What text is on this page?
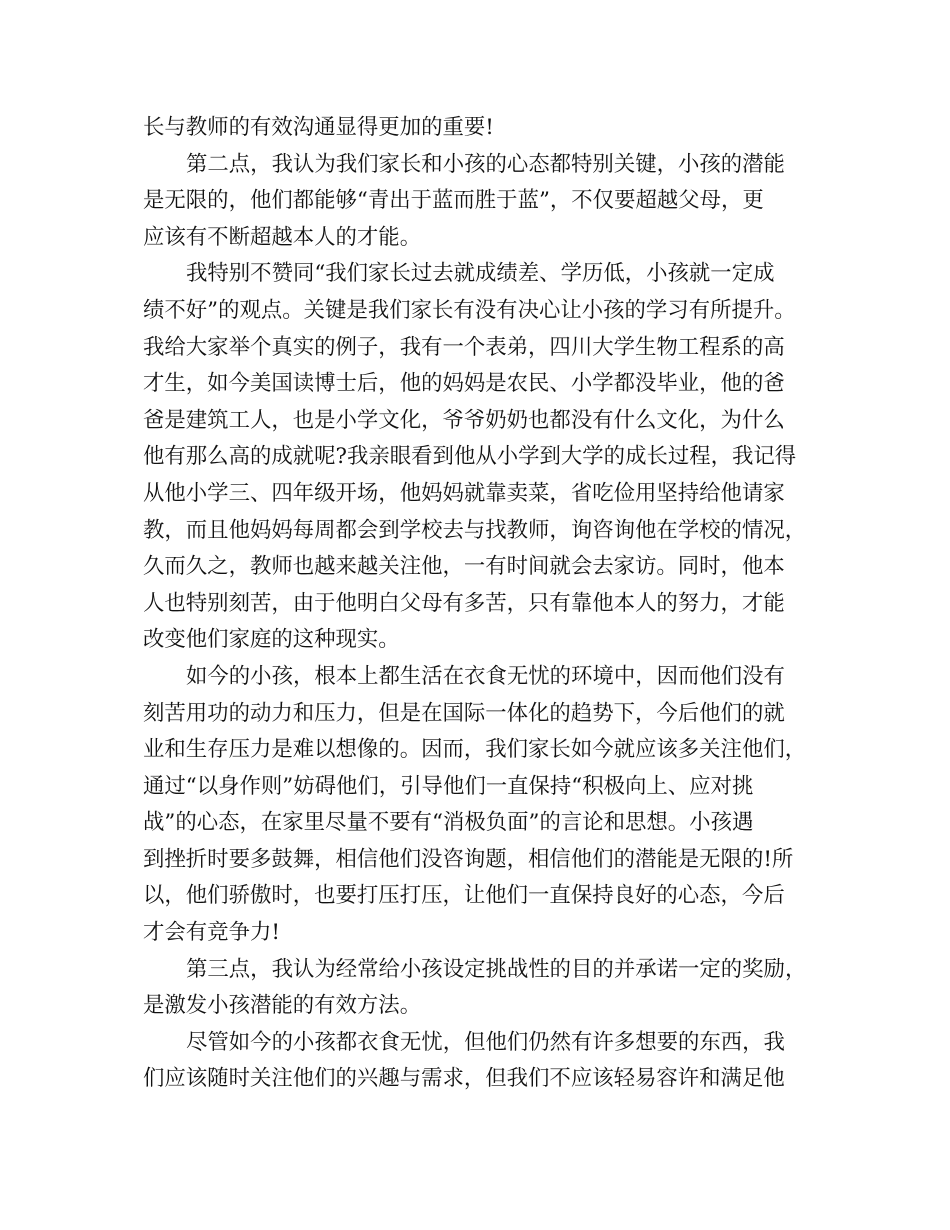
长与教师的有效沟通显得更加的重要!
第二点，我认为我们家长和小孩的心态都特别关键，小孩的潜能
是无限的，他们都能够“青出于蓝而胜于蓝”，不仅要超越父母，更
应该有不断超越本人的才能。
我特别不赞同“我们家长过去就成绩差、学历低，小孩就一定成
绩不好”的观点。关键是我们家长有没有决心让小孩的学习有所提升。
我给大家举个真实的例子，我有一个表弟，四川大学生物工程系的高
才生，如今美国读博士后，他的妈妈是农民、小学都没毕业，他的爸
爸是建筑工人，也是小学文化，爷爷奶奶也都没有什么文化，为什么
他有那么高的成就呢?我亲眼看到他从小学到大学的成长过程，我记得
从他小学三、四年级开场，他妈妈就靠卖菜，省吃俭用坚持给他请家
教，而且他妈妈每周都会到学校去与找教师，询咨询他在学校的情况，
久而久之，教师也越来越关注他，一有时间就会去家访。同时，他本
人也特别刻苦，由于他明白父母有多苦，只有靠他本人的努力，才能
改变他们家庭的这种现实。
如今的小孩，根本上都生活在衣食无忧的环境中，因而他们没有
刻苦用功的动力和压力，但是在国际一体化的趋势下，今后他们的就
业和生存压力是难以想像的。因而，我们家长如今就应该多关注他们，
通过“以身作则”妨碍他们，引导他们一直保持“积极向上、应对挑
战”的心态，在家里尽量不要有“消极负面”的言论和思想。小孩遇
到挫折时要多鼓舞，相信他们没咨询题，相信他们的潜能是无限的!所
以，他们骄傲时，也要打压打压，让他们一直保持良好的心态，今后
才会有竞争力!
第三点，我认为经常给小孩设定挑战性的目的并承诺一定的奖励，
是激发小孩潜能的有效方法。
尽管如今的小孩都衣食无忧，但他们仍然有许多想要的东西，我
们应该随时关注他们的兴趣与需求，但我们不应该轻易容许和满足他
